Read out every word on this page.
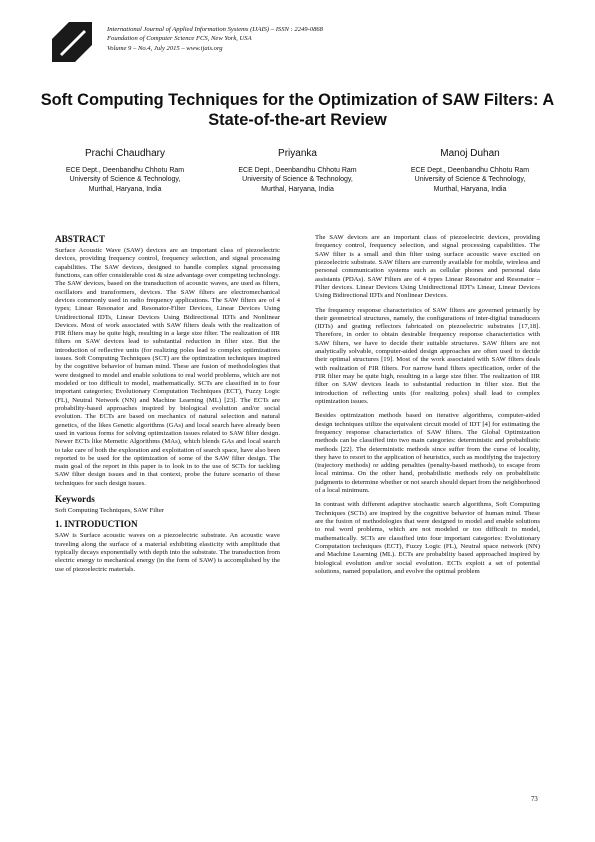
International Journal of Applied Information Systems (IJAIS) – ISSN : 2249-0868
Foundation of Computer Science FCS, New York, USA
Volume 9 – No.4, July 2015 – www.ijais.org
Soft Computing Techniques for the Optimization of SAW Filters: A State-of-the-art Review
Prachi Chaudhary
ECE Dept., Deenbandhu Chhotu Ram
University of Science & Technology,
Murthal, Haryana, India
Priyanka
ECE Dept., Deenbandhu Chhotu Ram
University of Science & Technology,
Murthal, Haryana, India
Manoj Duhan
ECE Dept., Deenbandhu Chhotu Ram
University of Science & Technology,
Murthal, Haryana, India
ABSTRACT

Surface Acoustic Wave (SAW) devices are an important class of piezoelectric devices, providing frequency control, frequency selection, and signal processing capabilities. The SAW devices, designed to handle complex signal processing functions, can offer considerable cost & size advantage over competing technology. The SAW devices, based on the transduction of acoustic waves, are used as filters, oscillators and transformers, devices. The SAW filters are electromechanical devices commonly used in radio frequency applications. The SAW filters are of 4 types; Linear Resonator and Resonator-Filter Devices, Linear Devices Using Unidirectional IDTs, Linear Devices Using Bidirectional IDTs and Nonlinear Devices. Most of work associated with SAW filters deals with the realization of FIR filters may be quite high, resulting in a large size filter. The realization of IIR filters on SAW devices lead to substantial reduction in filter size. But the introduction of reflective units (for realizing poles lead to complex optimizations issues. Soft Computing Techniques (SCT) are the optimization techniques inspired by the cognitive behavior of human mind. These are fusion of methodologies that were designed to model and enable solutions to real world problems, which are not modeled or too difficult to model, mathematically. SCTs are classified in to four important categories; Evolutionary Computation Techniques (ECT), Fuzzy Logic (FL), Neutral Network (NN) and Machine Learning (ML) [23]. The ECTs are probability-based approaches inspired by biological evolution and/or social evolution. The ECTs are based on mechanics of natural selection and natural genetics, of the likes Genetic algorithms (GAs) and local search have already been used in various forms for solving optimization issues related to SAW filter design. Newer ECTs like Memetic Algorithms (MAs), which blends GAs and local search to take care of both the exploration and exploitation of search space, have also been reported to be used for the optimization of some of the SAW filter design. The main goal of the report in this paper is to look in to the use of SCTs for tackling SAW filter design issues and in that context, probe the future scenario of these techniques for such design issues.

Keywords

Soft Computing Techniques, SAW Filter

1. INTRODUCTION

SAW is Surface acoustic waves on a piezoelectric substrate. An acoustic wave traveling along the surface of a material exhibiting elasticity with amplitude that typically decays exponentially with depth into the substrate. The transduction from electric energy to mechanical energy (in the form of SAW) is accomplished by the use of piezoelectric materials.

The SAW devices are an important class of piezoelectric devices, providing frequency control, frequency selection, and signal processing capabilities. The SAW filter is a small and thin filter using surface acoustic wave excited on piezoelectric substrate. SAW filters are currently available for mobile, wireless and personal communication systems such as cellular phones and personal data assistants (PDAs). SAW Filters are of 4 types Linear Resonator and Resonator – Filter devices. Linear Devices Using Unidirectional IDT's Linear, Linear Devices Using Bidirectional IDTs and Nonlinear Devices.

The frequency response characteristics of SAW filters are governed primarily by their geometrical structures, namely, the configurations of inter-digital transducers (IDTs) and grating reflectors fabricated on piezoelectric substrates [17,18]. Therefore, in order to obtain desirable frequency response characteristics with SAW filters, we have to decide their suitable structures. SAW filters are not analytically solvable, computer-aided design approaches are often used to decide their optimal structures [19]. Most of the work associated with SAW filters deals with realization of FIR filters. For narrow band filters specification, order of the FIR filter may be quite high, resulting in a large size filter. The realization of IIR filter on SAW devices leads to substantial reduction in filter size. But the introduction of reflecting units (for realizing poles) shall lead to complex optimization issues.

Besides optimization methods based on iterative algorithms, computer-aided design techniques utilize the equivalent circuit model of IDT [4] for estimating the frequency response characteristics of SAW filters. The Global Optimization methods can be classified into two main categories: deterministic and probabilistic methods [22]. The deterministic methods since suffer from the curse of locality, they have to resort to the application of heuristics, such as modifying the trajectory (trajectory methods) or adding penalties (penalty-based methods), to escape from local minima. On the other hand, probabilistic methods rely on probabilistic judgments to determine whether or not search should depart from the neighborhood of a local minimum.

In contrast with different adaptive stochastic search algorithms, Soft Computing Techniques (SCTs) are inspired by the cognitive behavior of human mind. These are the fusion of methodologies that were designed to model and enable solutions to real word problems, which are not modeled or too difficult to model, mathematically. SCTs are classified into four important categories: Evolutionary Computation techniques (ECT), Fuzzy Logic (FL), Neutral space network (NN) and Machine Learning (ML). ECTs are probability based approached inspired by biological evolution and/or social evolution. ECTs exploit a set of potential solutions, named population, and evolve the optimal problem

73
